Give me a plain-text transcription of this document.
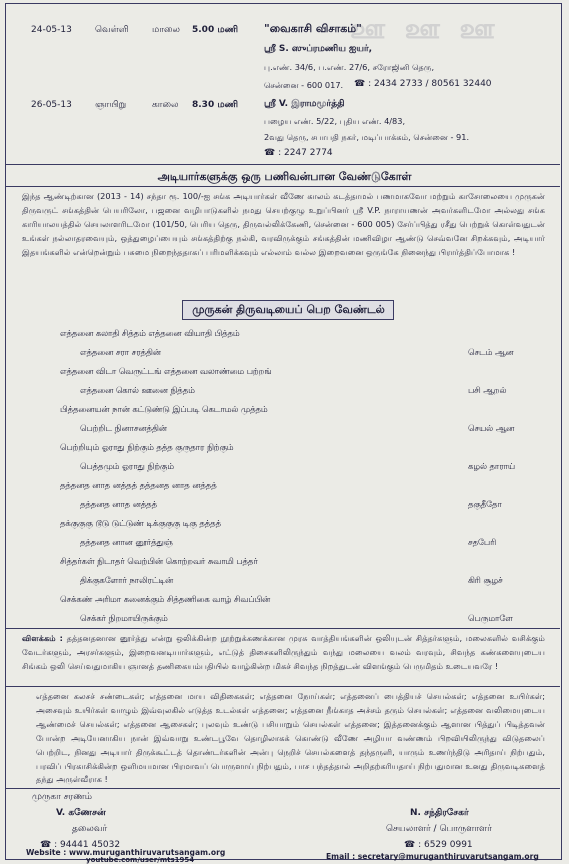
ஊ  ஊ  ஊ
24-05-13	வெள்ளி	மாலை 5.00 மணி "வைகாசி விசாகம்"
ஸ்ரீ S. ஸுப்ரமணிய ஐயர்,
பு.எண். 34/6, ப.எண். 27/6, சரோஜினி தெரு,
சென்னை - 600 017. ☎ : 2434 2733 / 80561 32440
26-05-13	ஞாயிறு	காலை 8.30 மணி	ஸ்ரீ V. இராமமூர்த்தி
பழைய எண். 5/22, புதிய எண். 4/83,
2வது தெரு, சபாபதி நகர், மடிப்பாக்கம், சென்னை - 91.
☎ : 2247 2774
அடியார்களுக்கு ஒரு பணிவன்பான வேண்டுகோள்
இந்த ஆண்டிற்கான (2013 - 14) சந்தா ரூ. 100/-ஐ சங்க அடியார்கள் வீணே காலம் கடத்தாமல் பணமாகவோ மற்றும் காசோலையை முருகன் திருவருட் சங்கத்தின் பெயரிலோ, பஜனை வழிபாடுகளில் நமது செயற்குழு உறுப்பினர் ஸ்ரீ V.P. நாராயணன் அவர்களிடமோ அல்லது சங்க காரியாலயத்தில் செயலாளரிடமோ (101/50, பெரிய தெரு, திருவல்லிக்கேணி, சென்னை - 600 005) சேர்ப்பித்து ரசீது பெற்றுக் கொள்வதுடன் உங்கள் நல்லாதரவையும், ஒத்துழைப்பையும் சங்கத்திற்கு நல்கி, வரவிருக்கும் சங்கத்தின் மணிவிழா ஆண்டு செவ்வனே சிறக்கவும், அடியார் இதயங்களில் என்றென்றும் பசுமை நிறைந்ததாகப் பரிமளிக்கவும் எல்லாம் வல்ல இறைவனை ஒருங்கே நினைந்து பிரார்த்திப்போமாக !
முருகன் திருவடியைப் பெற வேண்டல்
எத்தனை கலாதி சித்தம் எத்தனை வியாதி பித்தம்
எத்தனை சரா சரத்தின்	செடம் ஆன
எத்தனை விடா வெருட்டங் எத்தனை வலாண்மை பற்றங்
எத்தனை கொல் ஊனை நித்தம்	பசி ஆறல்
பித்தனையன் நான் கட்டுண்டு இப்படி கெடாமல் முத்தம்
பெற்றிட நினாசனத்தின்	செயல் ஆன
பெற்றியும் ஓராது நிற்கும் தத்த குருதார நிற்கும்
பெத்தமும் ஓராது நிற்கும்	கழல் தாராய்
தத்தனத னாத னத்தத் தத்தனத னாத னத்தத்
தத்தனத னாத னத்தத்	தகுதீதோ
தக்குகுகு டூடு டுட்டுண் டிக்குகுகு டிகு தத்தத்
தத்தனத னான னூர்த்துஞ்	சதபேரி
சித்தர்கள் நிடாதர் வெற்பின் கொற்றவர் சுவாமி பத்தர்
திக்குகளோர் நாலிரட்டின்	கிரி சூழச்
செக்கண் அரிமா கனைக்கும் சித்தணிகை வாழ் சிவப்பின்
செக்கர் நிறமாயிருக்கும்	பெருமாளே
விளக்கம் : தத்தனதனான னூர்த்து என்று ஒலிக்கின்ற நூற்றுக்கணக்கான முரசு வாத்தியங்களின் ஒலியுடன் சித்தர்களும், மலைகளில் வசிக்கும் வேடர்களும், அரசர்களும், இறைவனடியார்களும், எட்டுத் திசைகளிலிருந்தும் வந்து மலையை வலம் வரவும், சிவந்த கண்களையுடைய சிங்கம் ஒலி செய்வதுமாகிய ஞானத் தணிகையம்பதியில் வாழ்கின்ற மிகச் சிவந்த நிறத்துடன் விளங்கும் பெருமிதம் உடையவரே !
எத்தனை கலசச் சண்டைகள்; எத்தனை மாய விதிகைகள்; எத்தனை நோய்கள்; எத்தனைப் பைத்தியச் செயல்கள்; எத்தனை உயிர்கள்; அசைவும் உயிர்கள் வாழும் இவ்வுலகில் எடுத்த உடல்கள் எத்தனை; எத்தனை நீங்காத அச்சம் தரும் செயல்கள்; எத்தனை வலிமையுடைய ஆண்மைச் செயல்கள்; எத்தனை ஆசைகள்; புலவும் உண்டு பசியாறும் செயல்கள் எத்தனை; இத்தனைக்கும் ஆளான பித்துப் பிடித்தவன் போன்ற அடியேனாகிய நான் இவ்வாறு உண்டபூவே தொழிலாகக் கொண்டு வீணே அழியா வண்ணம் பிறவியிலிருந்து விடுதலைப் பெற்றிட, நினது அடியார் திருக்கூட்டத் தொண்டர்களின் அன்பு நெறிச் செயல்களைத் தந்தருளி, யாரும் உணர்ந்திடு அரிதாய் நிற்பதும், பரவிப் பிரகாசிக்கின்ற ஒளிமயமான பிரமாவப் பொருளாய் நிற்பதும், பாச பந்தத்தால் அறிதற்கரியதாய் நிற்பதுமான உனது திருவடிகளைத் தந்து அருள்வீராக !
முருகா சரணம்
V. கணேசன்
தலைவர்
☎ : 94441 45032
N. சந்திரசேகர்
செயலாளர் / பொருளாளர்
☎ : 6529 0991
Website : www.muruganthiruvarutsangam.org	Email : secretary@muruganthiruvarutsangam.org
youtube.com/user/mts1954
